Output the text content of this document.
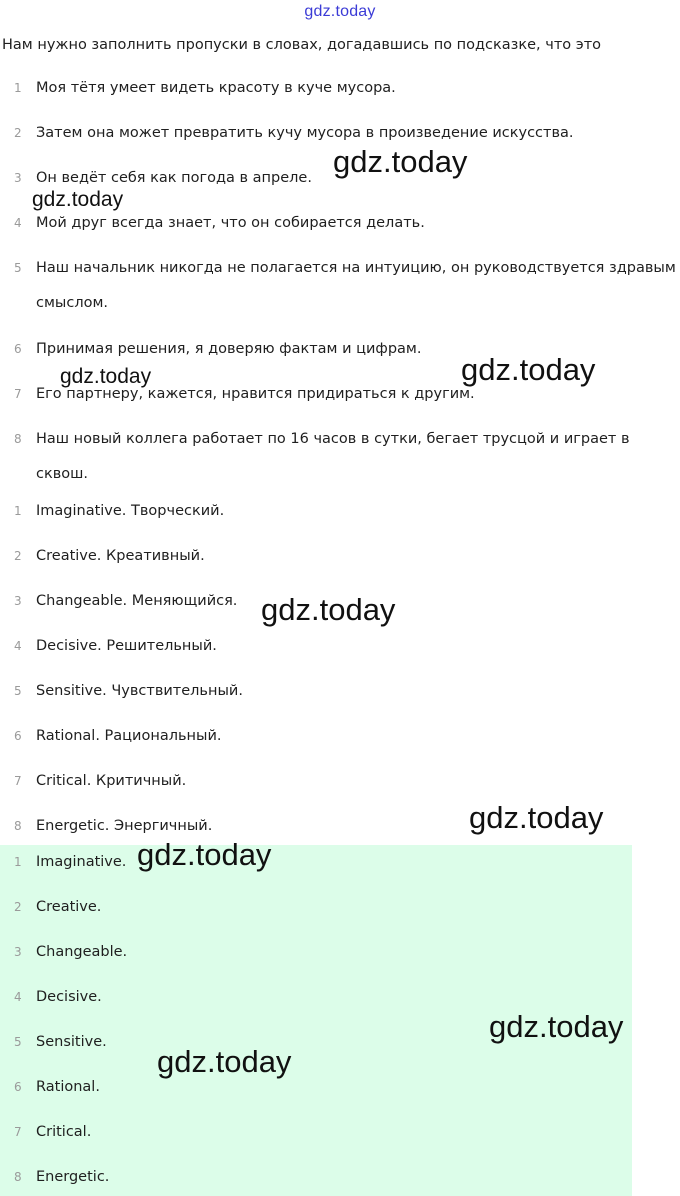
gdz.today
Нам нужно заполнить пропуски в словах, догадавшись по подсказке, что это
1 Моя тётя умеет видеть красоту в куче мусора.
2 Затем она может превратить кучу мусора в произведение искусства.
3 Он ведёт себя как погода в апреле.
4 Мой друг всегда знает, что он собирается делать.
5 Наш начальник никогда не полагается на интуицию, он руководствуется здравым смыслом.
6 Принимая решения, я доверяю фактам и цифрам.
7 Его партнеру, кажется, нравится придираться к другим.
8 Наш новый коллега работает по 16 часов в сутки, бегает трусцой и играет в сквош.
1 Imaginative. Творческий.
2 Creative. Креативный.
3 Changeable. Меняющийся.
4 Decisive. Решительный.
5 Sensitive. Чувствительный.
6 Rational. Рациональный.
7 Critical. Критичный.
8 Energetic. Энергичный.
1 Imaginative.
2 Creative.
3 Changeable.
4 Decisive.
5 Sensitive.
6 Rational.
7 Critical.
8 Energetic.
gdz.today
gdz.today
gdz.today
gdz.today
gdz.today
gdz.today
gdz.today
gdz.today
gdz.today
